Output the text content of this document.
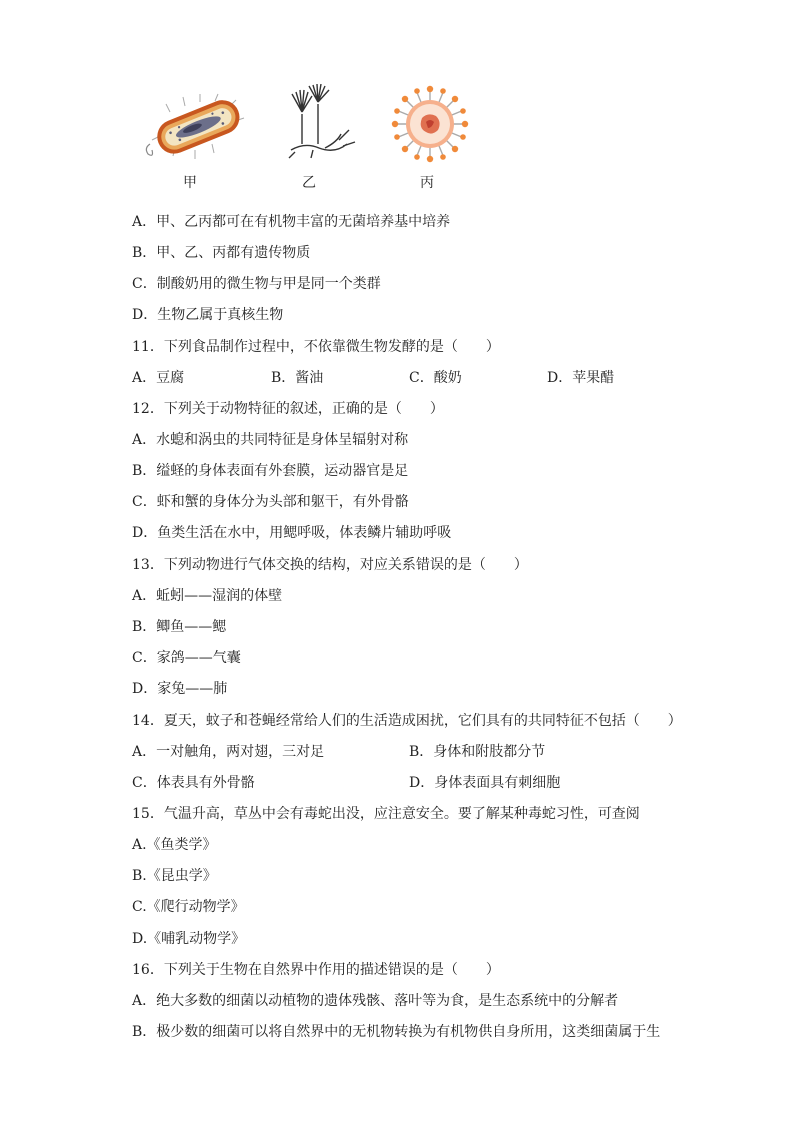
甲	乙	丙
A．甲、乙丙都可在有机物丰富的无菌培养基中培养
B．甲、乙、丙都有遗传物质
C．制酸奶用的微生物与甲是同一个类群
D．生物乙属于真核生物
11．下列食品制作过程中，不依靠微生物发酵的是（　　）
A．豆腐	B．酱油	C．酸奶	D．苹果醋
12．下列关于动物特征的叙述，正确的是（　　）
A．水螅和涡虫的共同特征是身体呈辐射对称
B．缢蛏的身体表面有外套膜，运动器官是足
C．虾和蟹的身体分为头部和躯干，有外骨骼
D．鱼类生活在水中，用鳃呼吸，体表鳞片辅助呼吸
13．下列动物进行气体交换的结构，对应关系错误的是（　　）
A．蚯蚓——湿润的体壁
B．鲫鱼——鳃
C．家鸽——气囊
D．家兔——肺
14．夏天，蚊子和苍蝇经常给人们的生活造成困扰，它们具有的共同特征不包括（　　）
A．一对触角，两对翅，三对足	B．身体和附肢都分节
C．体表具有外骨骼	D．身体表面具有刺细胞
15．气温升高，草丛中会有毒蛇出没，应注意安全。要了解某种毒蛇习性，可查阅
A.《鱼类学》
B.《昆虫学》
C.《爬行动物学》
D.《哺乳动物学》
16．下列关于生物在自然界中作用的描述错误的是（　　）
A．绝大多数的细菌以动植物的遗体残骸、落叶等为食，是生态系统中的分解者
B．极少数的细菌可以将自然界中的无机物转换为有机物供自身所用，这类细菌属于生
